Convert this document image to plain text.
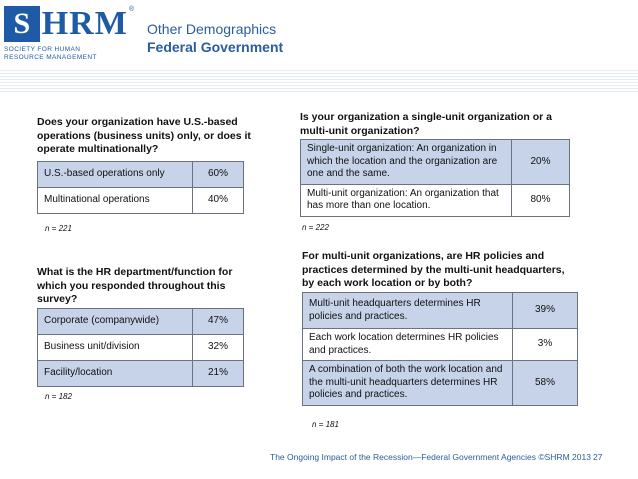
S HRM ®
SOCIETY FOR HUMAN
RESOURCE MANAGEMENT
Other Demographics
Federal Government
Does your organization have U.S.-based operations (business units) only, or does it operate multinationally?
U.S.-based operations only	60%
Multinational operations	40%
n = 221
What is the HR department/function for which you responded throughout this survey?
Corporate (companywide)	47%
Business unit/division	32%
Facility/location	21%
n = 182
Is your organization a single-unit organization or a multi-unit organization?
Single-unit organization: An organization in which the location and the organization are one and the same.	20%
Multi-unit organization: An organization that has more than one location.	80%
n = 222
For multi-unit organizations, are HR policies and practices determined by the multi-unit headquarters, by each work location or by both?
Multi-unit headquarters determines HR policies and practices.	39%
Each work location determines HR policies and practices.	3%
A combination of both the work location and the multi-unit headquarters determines HR policies and practices.	58%
n = 181
The Ongoing Impact of the Recession—Federal Government Agencies ©SHRM 2013 27
